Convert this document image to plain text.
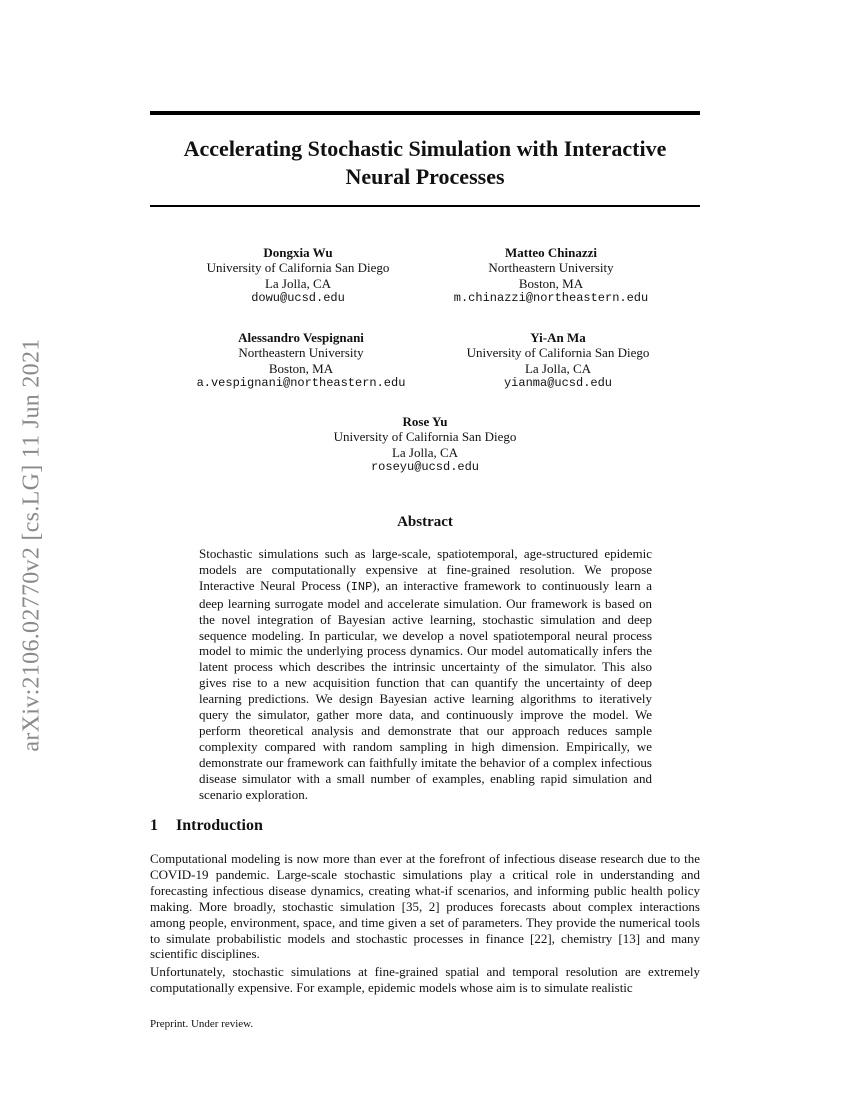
arXiv:2106.02770v2 [cs.LG] 11 Jun 2021
Accelerating Stochastic Simulation with Interactive Neural Processes
Dongxia Wu
University of California San Diego
La Jolla, CA
dowu@ucsd.edu
Matteo Chinazzi
Northeastern University
Boston, MA
m.chinazzi@northeastern.edu
Alessandro Vespignani
Northeastern University
Boston, MA
a.vespignani@northeastern.edu
Yi-An Ma
University of California San Diego
La Jolla, CA
yianma@ucsd.edu
Rose Yu
University of California San Diego
La Jolla, CA
roseyu@ucsd.edu
Abstract

Stochastic simulations such as large-scale, spatiotemporal, age-structured epidemic models are computationally expensive at fine-grained resolution. We propose Interactive Neural Process (INP), an interactive framework to continuously learn a deep learning surrogate model and accelerate simulation. Our framework is based on the novel integration of Bayesian active learning, stochastic simulation and deep sequence modeling. In particular, we develop a novel spatiotemporal neural process model to mimic the underlying process dynamics. Our model automatically infers the latent process which describes the intrinsic uncertainty of the simulator. This also gives rise to a new acquisition function that can quantify the uncertainty of deep learning predictions. We design Bayesian active learning algorithms to iteratively query the simulator, gather more data, and continuously improve the model. We perform theoretical analysis and demonstrate that our approach reduces sample complexity compared with random sampling in high dimension. Empirically, we demonstrate our framework can faithfully imitate the behavior of a complex infectious disease simulator with a small number of examples, enabling rapid simulation and scenario exploration.

1 Introduction

Computational modeling is now more than ever at the forefront of infectious disease research due to the COVID-19 pandemic. Large-scale stochastic simulations play a critical role in understanding and forecasting infectious disease dynamics, creating what-if scenarios, and informing public health policy making. More broadly, stochastic simulation [35, 2] produces forecasts about complex interactions among people, environment, space, and time given a set of parameters. They provide the numerical tools to simulate probabilistic models and stochastic processes in finance [22], chemistry [13] and many scientific disciplines.

Unfortunately, stochastic simulations at fine-grained spatial and temporal resolution are extremely computationally expensive. For example, epidemic models whose aim is to simulate realistic

Preprint. Under review.
